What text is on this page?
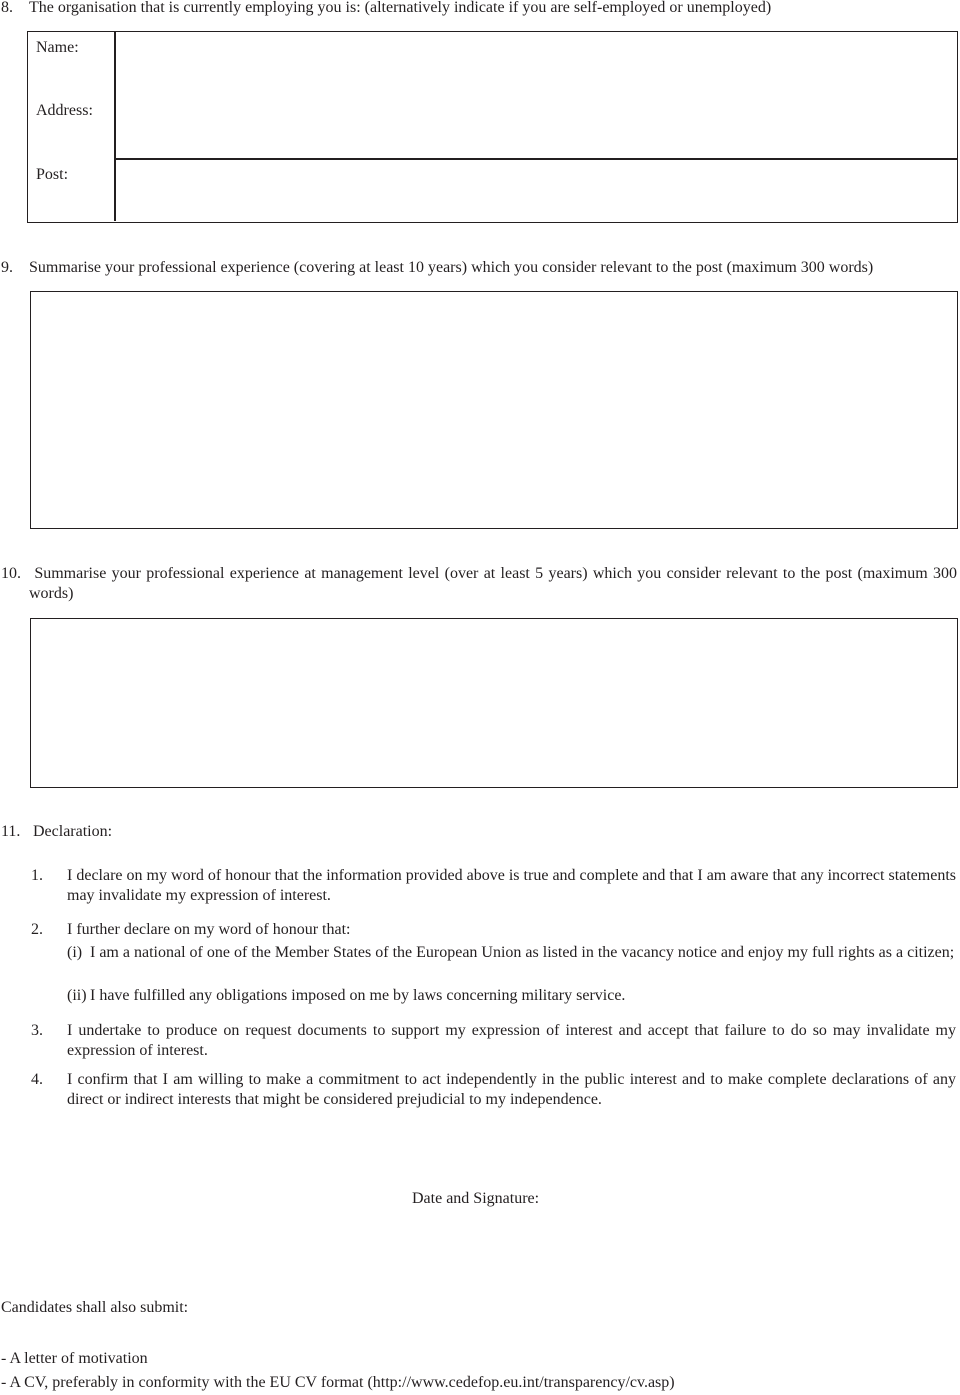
8. The organisation that is currently employing you is: (alternatively indicate if you are self-employed or unemployed)
Name:
Address:
Post:
9. Summarise your professional experience (covering at least 10 years) which you consider relevant to the post (maximum 300 words)
10. Summarise your professional experience at management level (over at least 5 years) which you consider relevant to the post (maximum 300 words)
11. Declaration:
1. I declare on my word of honour that the information provided above is true and complete and that I am aware that any incorrect statements may invalidate my expression of interest.
2. I further declare on my word of honour that:
(i) I am a national of one of the Member States of the European Union as listed in the vacancy notice and enjoy my full rights as a citizen;
(ii) I have fulfilled any obligations imposed on me by laws concerning military service.
3. I undertake to produce on request documents to support my expression of interest and accept that failure to do so may invalidate my expression of interest.
4. I confirm that I am willing to make a commitment to act independently in the public interest and to make complete declarations of any direct or indirect interests that might be considered prejudicial to my independence.
Date and Signature:
Candidates shall also submit:
- A letter of motivation
- A CV, preferably in conformity with the EU CV format (http://www.cedefop.eu.int/transparency/cv.asp)
